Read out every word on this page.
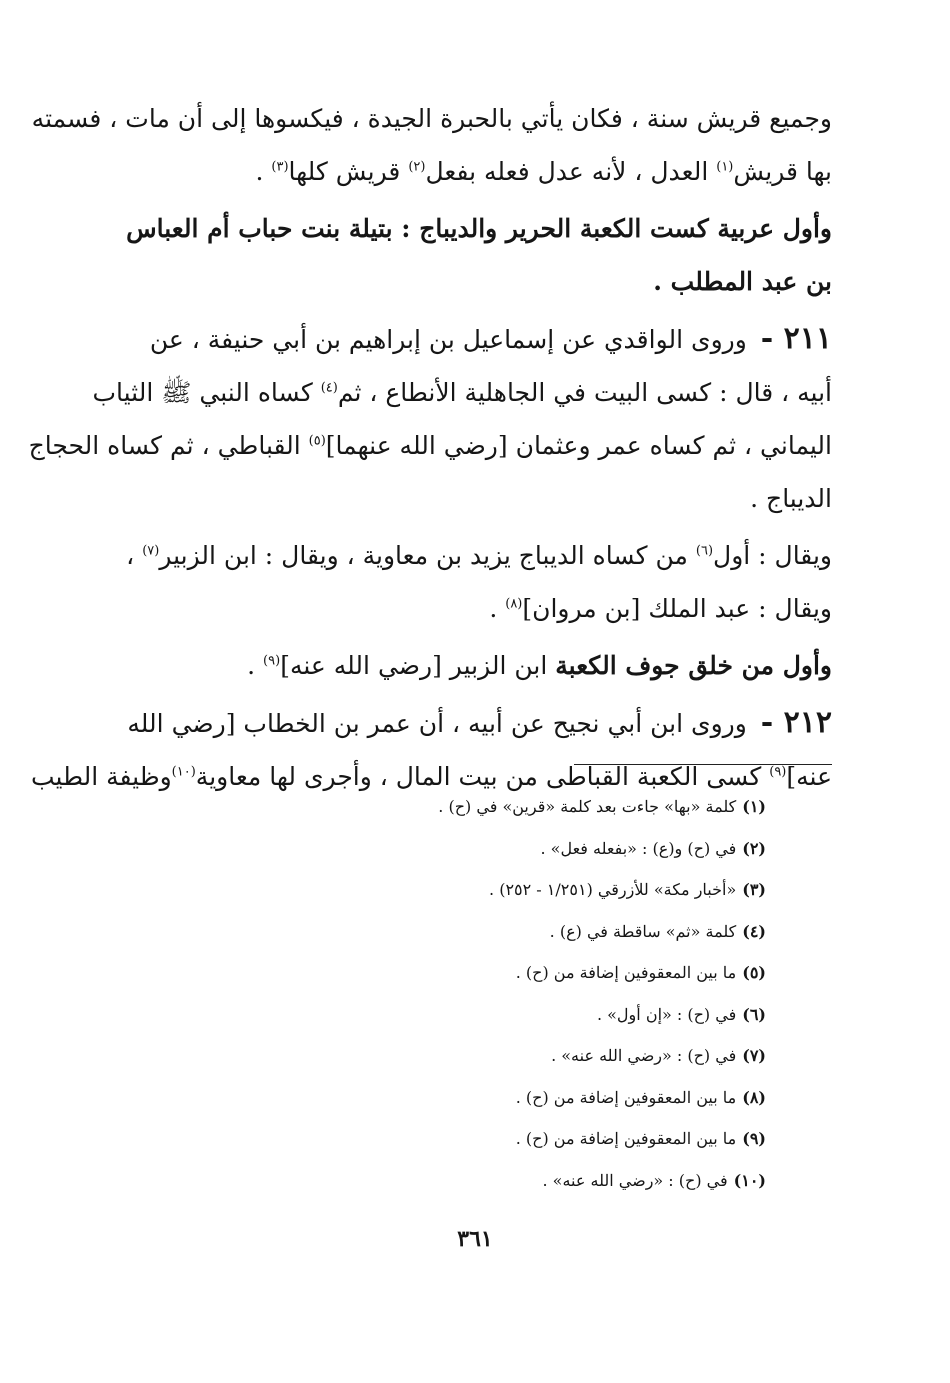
وجميع قريش سنة ، فكان يأتي بالحبرة الجيدة ، فيكسوها إلى أن مات ، فسمته
بها قريش$^{(١)}$ العدل ، لأنه عدل فعله بفعل$^{(٢)}$ قريش كلها$^{(٣)}$ .

وأول عربية كست الكعبة الحرير والديباج : بتيلة بنت حباب أم العباس
بن عبد المطلب .

٢١١ - وروى الواقدي عن إسماعيل بن إبراهيم بن أبي حنيفة ، عن
أبيه ، قال : كسى البيت في الجاهلية الأنطاع ، ثم$^{(٤)}$ كساه النبي ﷺ الثياب
اليماني ، ثم كساه عمر وعثمان [رضي الله عنهما]$^{(٥)}$ القباطي ، ثم كساه الحجاج
الديباج .

ويقال : أول$^{(٦)}$ من كساه الديباج يزيد بن معاوية ، ويقال : ابن الزبير$^{(٧)}$ ،
ويقال : عبد الملك [بن مروان]$^{(٨)}$ .

وأول من خلق جوف الكعبة ابن الزبير [رضي الله عنه]$^{(٩)}$ .

٢١٢ - وروى ابن أبي نجيح عن أبيه ، أن عمر بن الخطاب [رضي الله
عنه]$^{(٩)}$ كسى الكعبة القباطى من بيت المال ، وأجرى لها معاوية$^{(١٠)}$وظيفة الطيب

(١)كلمة «بها» جاءت بعد كلمة «قرين» في (ح) .
(٢)في (ح) و(ع) : «بفعله فعل» .
(٣)«أخبار مكة» للأزرقي (١/٢٥١ - ٢٥٢) .
(٤)كلمة «ثم» ساقطة في (ع) .
(٥)ما بين المعقوفين إضافة من (ح) .
(٦)في (ح) : «إن أول» .
(٧)في (ح) : «رضي الله عنه» .
(٨)ما بين المعقوفين إضافة من (ح) .
(٩)ما بين المعقوفين إضافة من (ح) .
(١٠)في (ح) : «رضي الله عنه» .
٣٦١
